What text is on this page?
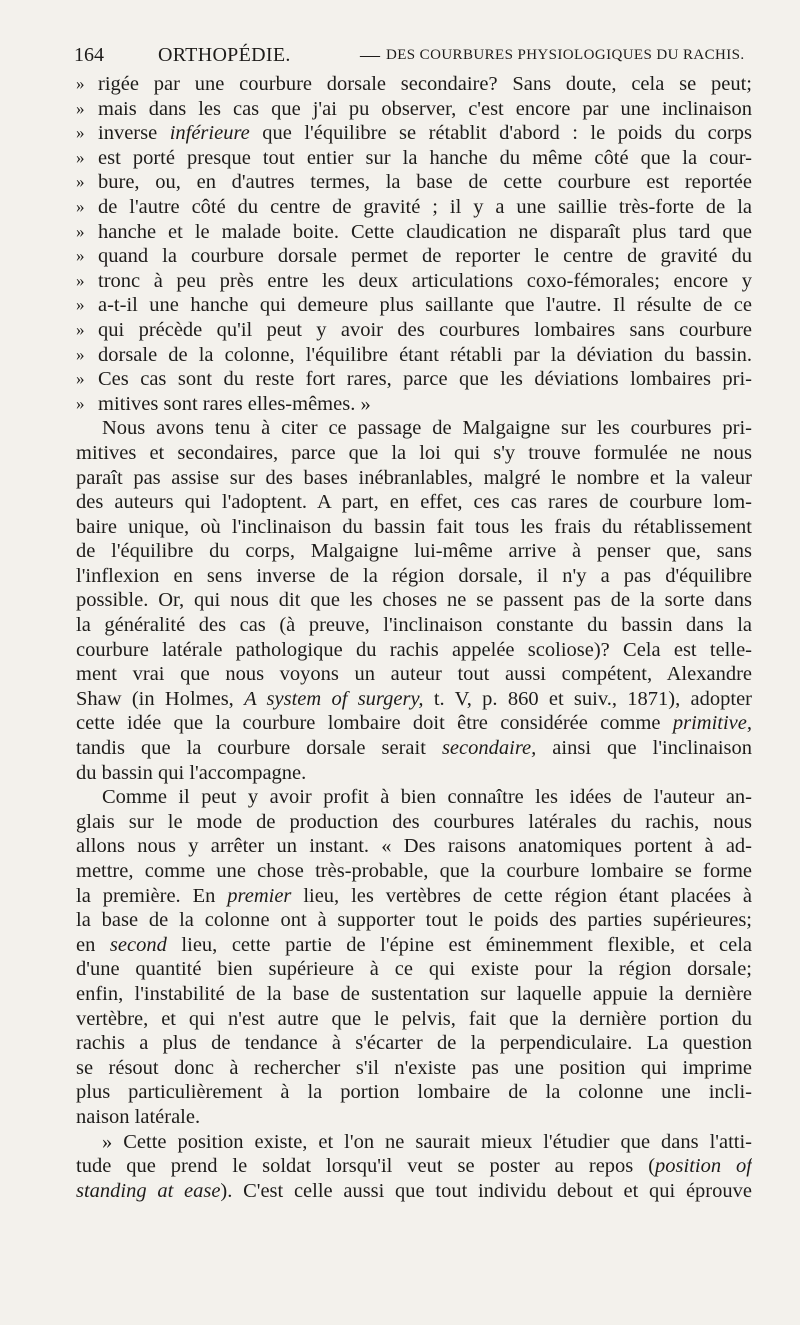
164	ORTHOPÉDIE.	— DES COURBURES PHYSIOLOGIQUES DU RACHIS.
» rigée par une courbure dorsale secondaire? Sans doute, cela se peut;
» mais dans les cas que j'ai pu observer, c'est encore par une inclinaison
» inverse inférieure que l'équilibre se rétablit d'abord : le poids du corps
» est porté presque tout entier sur la hanche du même côté que la cour-
» bure, ou, en d'autres termes, la base de cette courbure est reportée
» de l'autre côté du centre de gravité ; il y a une saillie très-forte de la
» hanche et le malade boite. Cette claudication ne disparaît plus tard que
» quand la courbure dorsale permet de reporter le centre de gravité du
» tronc à peu près entre les deux articulations coxo-fémorales; encore y
» a-t-il une hanche qui demeure plus saillante que l'autre. Il résulte de ce
» qui précède qu'il peut y avoir des courbures lombaires sans courbure
» dorsale de la colonne, l'équilibre étant rétabli par la déviation du bassin.
» Ces cas sont du reste fort rares, parce que les déviations lombaires pri-
» mitives sont rares elles-mêmes. »
Nous avons tenu à citer ce passage de Malgaigne sur les courbures pri-
mitives et secondaires, parce que la loi qui s'y trouve formulée ne nous
paraît pas assise sur des bases inébranlables, malgré le nombre et la valeur
des auteurs qui l'adoptent. A part, en effet, ces cas rares de courbure lom-
baire unique, où l'inclinaison du bassin fait tous les frais du rétablissement
de l'équilibre du corps, Malgaigne lui-même arrive à penser que, sans
l'inflexion en sens inverse de la région dorsale, il n'y a pas d'équilibre
possible. Or, qui nous dit que les choses ne se passent pas de la sorte dans
la généralité des cas (à preuve, l'inclinaison constante du bassin dans la
courbure latérale pathologique du rachis appelée scoliose)? Cela est telle-
ment vrai que nous voyons un auteur tout aussi compétent, Alexandre
Shaw (in Holmes, A system of surgery, t. V, p. 860 et suiv., 1871), adopter
cette idée que la courbure lombaire doit être considérée comme primitive,
tandis que la courbure dorsale serait secondaire, ainsi que l'inclinaison
du bassin qui l'accompagne.
Comme il peut y avoir profit à bien connaître les idées de l'auteur an-
glais sur le mode de production des courbures latérales du rachis, nous
allons nous y arrêter un instant. « Des raisons anatomiques portent à ad-
mettre, comme une chose très-probable, que la courbure lombaire se forme
la première. En premier lieu, les vertèbres de cette région étant placées à
la base de la colonne ont à supporter tout le poids des parties supérieures;
en second lieu, cette partie de l'épine est éminemment flexible, et cela
d'une quantité bien supérieure à ce qui existe pour la région dorsale;
enfin, l'instabilité de la base de sustentation sur laquelle appuie la dernière
vertèbre, et qui n'est autre que le pelvis, fait que la dernière portion du
rachis a plus de tendance à s'écarter de la perpendiculaire. La question
se résout donc à rechercher s'il n'existe pas une position qui imprime
plus particulièrement à la portion lombaire de la colonne une incli-
naison latérale.
» Cette position existe, et l'on ne saurait mieux l'étudier que dans l'atti-
tude que prend le soldat lorsqu'il veut se poster au repos (position of
standing at ease). C'est celle aussi que tout individu debout et qui éprouve
